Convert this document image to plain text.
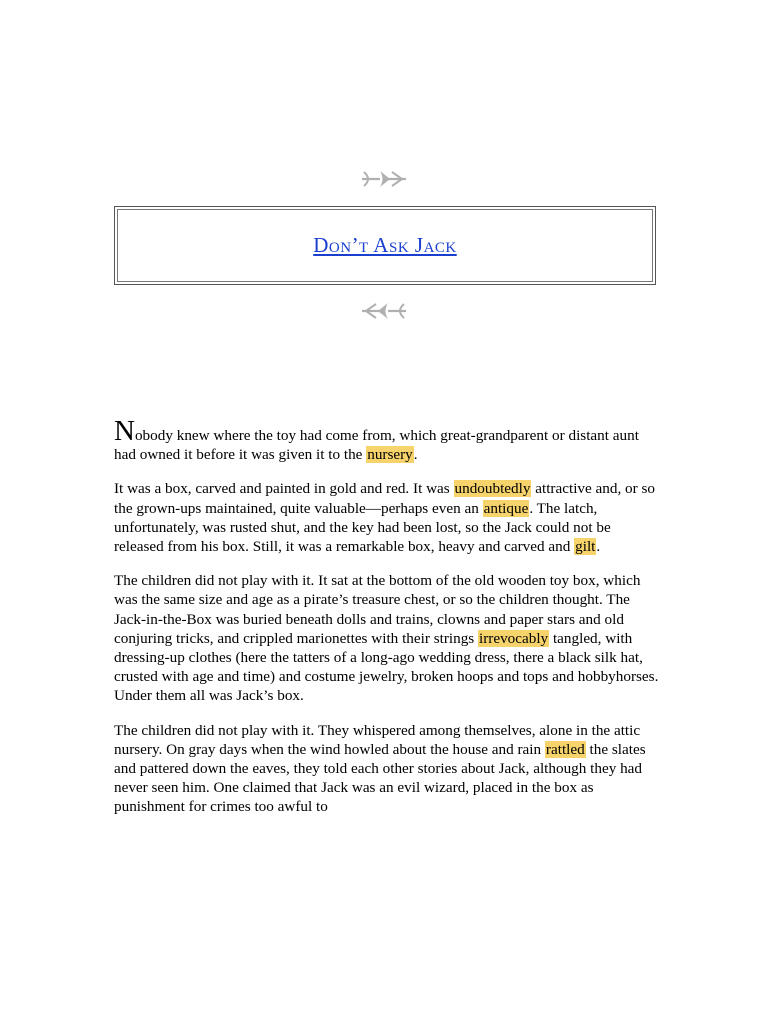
Don’t Ask Jack

Nobody knew where the toy had come from, which great-grandparent or distant aunt had owned it before it was given it to the nursery.

It was a box, carved and painted in gold and red. It was undoubtedly attractive and, or so the grown-ups maintained, quite valuable—perhaps even an antique. The latch, unfortunately, was rusted shut, and the key had been lost, so the Jack could not be released from his box. Still, it was a remarkable box, heavy and carved and gilt.

The children did not play with it. It sat at the bottom of the old wooden toy box, which was the same size and age as a pirate’s treasure chest, or so the children thought. The Jack-in-the-Box was buried beneath dolls and trains, clowns and paper stars and old conjuring tricks, and crippled marionettes with their strings irrevocably tangled, with dressing-up clothes (here the tatters of a long-ago wedding dress, there a black silk hat, crusted with age and time) and costume jewelry, broken hoops and tops and hobbyhorses. Under them all was Jack’s box.

The children did not play with it. They whispered among themselves, alone in the attic nursery. On gray days when the wind howled about the house and rain rattled the slates and pattered down the eaves, they told each other stories about Jack, although they had never seen him. One claimed that Jack was an evil wizard, placed in the box as punishment for crimes too awful to
